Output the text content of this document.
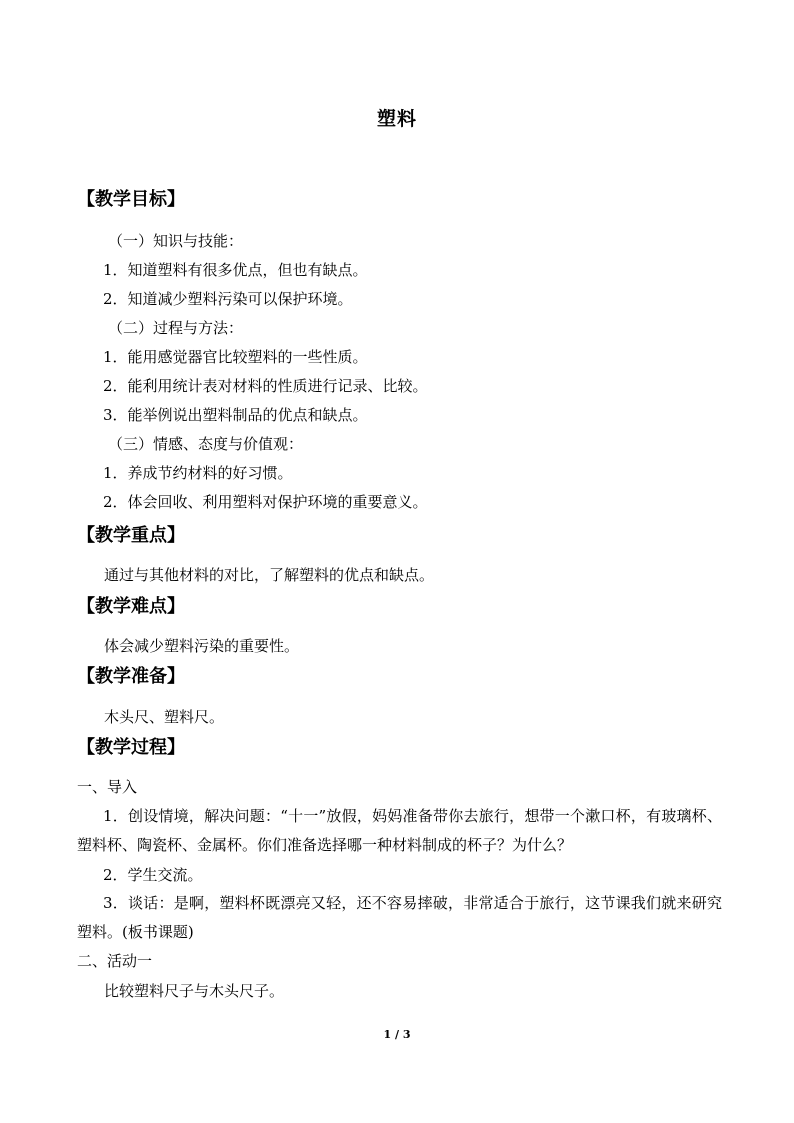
塑料
【教学目标】
（一）知识与技能：
1．知道塑料有很多优点，但也有缺点。
2．知道减少塑料污染可以保护环境。
（二）过程与方法：
1．能用感觉器官比较塑料的一些性质。
2．能利用统计表对材料的性质进行记录、比较。
3．能举例说出塑料制品的优点和缺点。
（三）情感、态度与价值观：
1．养成节约材料的好习惯。
2．体会回收、利用塑料对保护环境的重要意义。
【教学重点】
通过与其他材料的对比，了解塑料的优点和缺点。
【教学难点】
体会减少塑料污染的重要性。
【教学准备】
木头尺、塑料尺。
【教学过程】
一、导入
1．创设情境，解决问题：“十一”放假，妈妈准备带你去旅行，想带一个漱口杯，有玻璃杯、塑料杯、陶瓷杯、金属杯。你们准备选择哪一种材料制成的杯子？为什么？
2．学生交流。
3．谈话：是啊，塑料杯既漂亮又轻，还不容易摔破，非常适合于旅行，这节课我们就来研究塑料。(板书课题)
二、活动一
比较塑料尺子与木头尺子。
1 / 3
